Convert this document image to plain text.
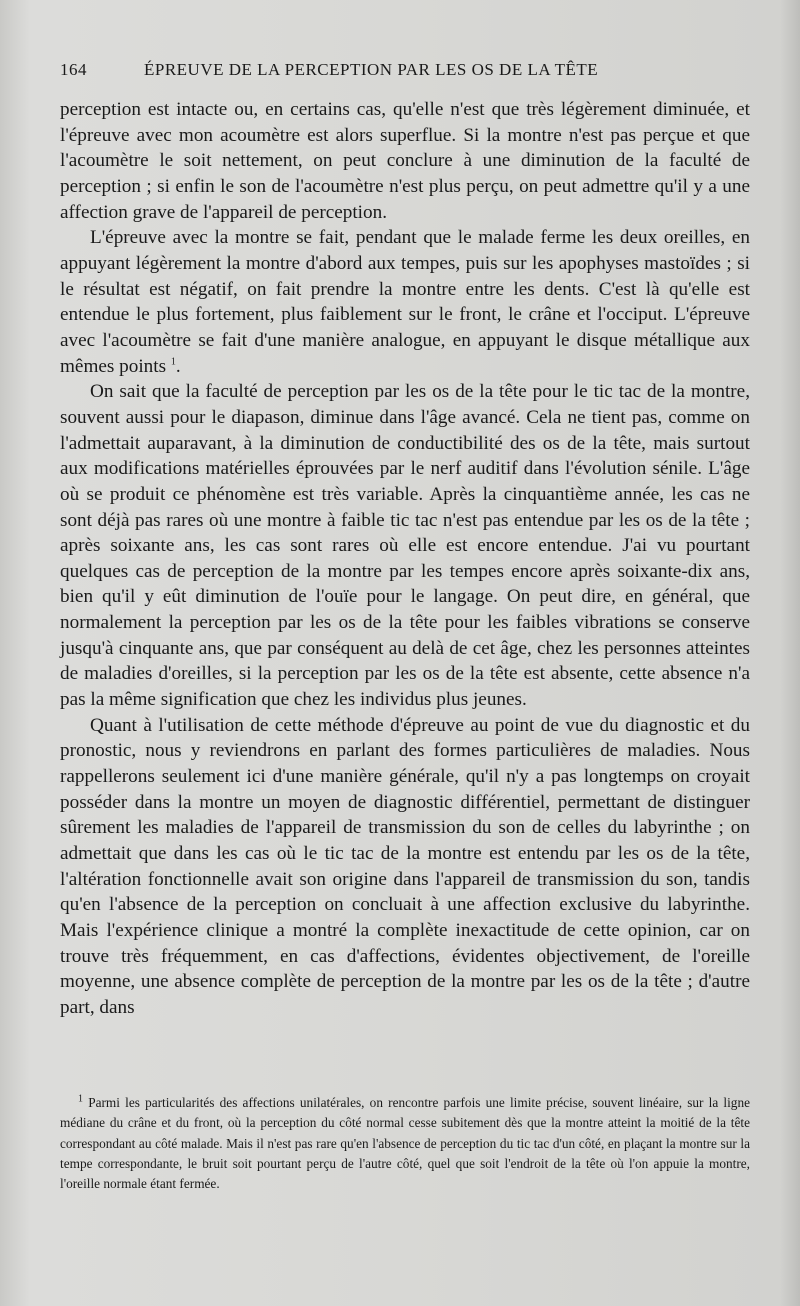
164	ÉPREUVE DE LA PERCEPTION PAR LES OS DE LA TÊTE

perception est intacte ou, en certains cas, qu'elle n'est que très légèrement diminuée, et l'épreuve avec mon acoumètre est alors superflue. Si la montre n'est pas perçue et que l'acoumètre le soit nettement, on peut conclure à une diminution de la faculté de perception ; si enfin le son de l'acoumètre n'est plus perçu, on peut admettre qu'il y a une affection grave de l'appareil de perception.

L'épreuve avec la montre se fait, pendant que le malade ferme les deux oreilles, en appuyant légèrement la montre d'abord aux tempes, puis sur les apophyses mastoïdes ; si le résultat est négatif, on fait prendre la montre entre les dents. C'est là qu'elle est entendue le plus fortement, plus faiblement sur le front, le crâne et l'occiput. L'épreuve avec l'acoumètre se fait d'une manière analogue, en appuyant le disque métallique aux mêmes points $^1$.

On sait que la faculté de perception par les os de la tête pour le tic tac de la montre, souvent aussi pour le diapason, diminue dans l'âge avancé. Cela ne tient pas, comme on l'admettait auparavant, à la diminution de conductibilité des os de la tête, mais surtout aux modifications matérielles éprouvées par le nerf auditif dans l'évolution sénile. L'âge où se produit ce phénomène est très variable. Après la cinquantième année, les cas ne sont déjà pas rares où une montre à faible tic tac n'est pas entendue par les os de la tête ; après soixante ans, les cas sont rares où elle est encore entendue. J'ai vu pourtant quelques cas de perception de la montre par les tempes encore après soixante-dix ans, bien qu'il y eût diminution de l'ouïe pour le langage. On peut dire, en général, que normalement la perception par les os de la tête pour les faibles vibrations se conserve jusqu'à cinquante ans, que par conséquent au delà de cet âge, chez les personnes atteintes de maladies d'oreilles, si la perception par les os de la tête est absente, cette absence n'a pas la même signification que chez les individus plus jeunes.

Quant à l'utilisation de cette méthode d'épreuve au point de vue du diagnostic et du pronostic, nous y reviendrons en parlant des formes particulières de maladies. Nous rappellerons seulement ici d'une manière générale, qu'il n'y a pas longtemps on croyait posséder dans la montre un moyen de diagnostic différentiel, permettant de distinguer sûrement les maladies de l'appareil de transmission du son de celles du labyrinthe ; on admettait que dans les cas où le tic tac de la montre est entendu par les os de la tête, l'altération fonctionnelle avait son origine dans l'appareil de transmission du son, tandis qu'en l'absence de la perception on concluait à une affection exclusive du labyrinthe. Mais l'expérience clinique a montré la complète inexactitude de cette opinion, car on trouve très fréquemment, en cas d'affections, évidentes objectivement, de l'oreille moyenne, une absence complète de perception de la montre par les os de la tête ; d'autre part, dans

$^1$ Parmi les particularités des affections unilatérales, on rencontre parfois une limite précise, souvent linéaire, sur la ligne médiane du crâne et du front, où la perception du côté normal cesse subitement dès que la montre atteint la moitié de la tête correspondant au côté malade. Mais il n'est pas rare qu'en l'absence de perception du tic tac d'un côté, en plaçant la montre sur la tempe correspondante, le bruit soit pourtant perçu de l'autre côté, quel que soit l'endroit de la tête où l'on appuie la montre, l'oreille normale étant fermée.
